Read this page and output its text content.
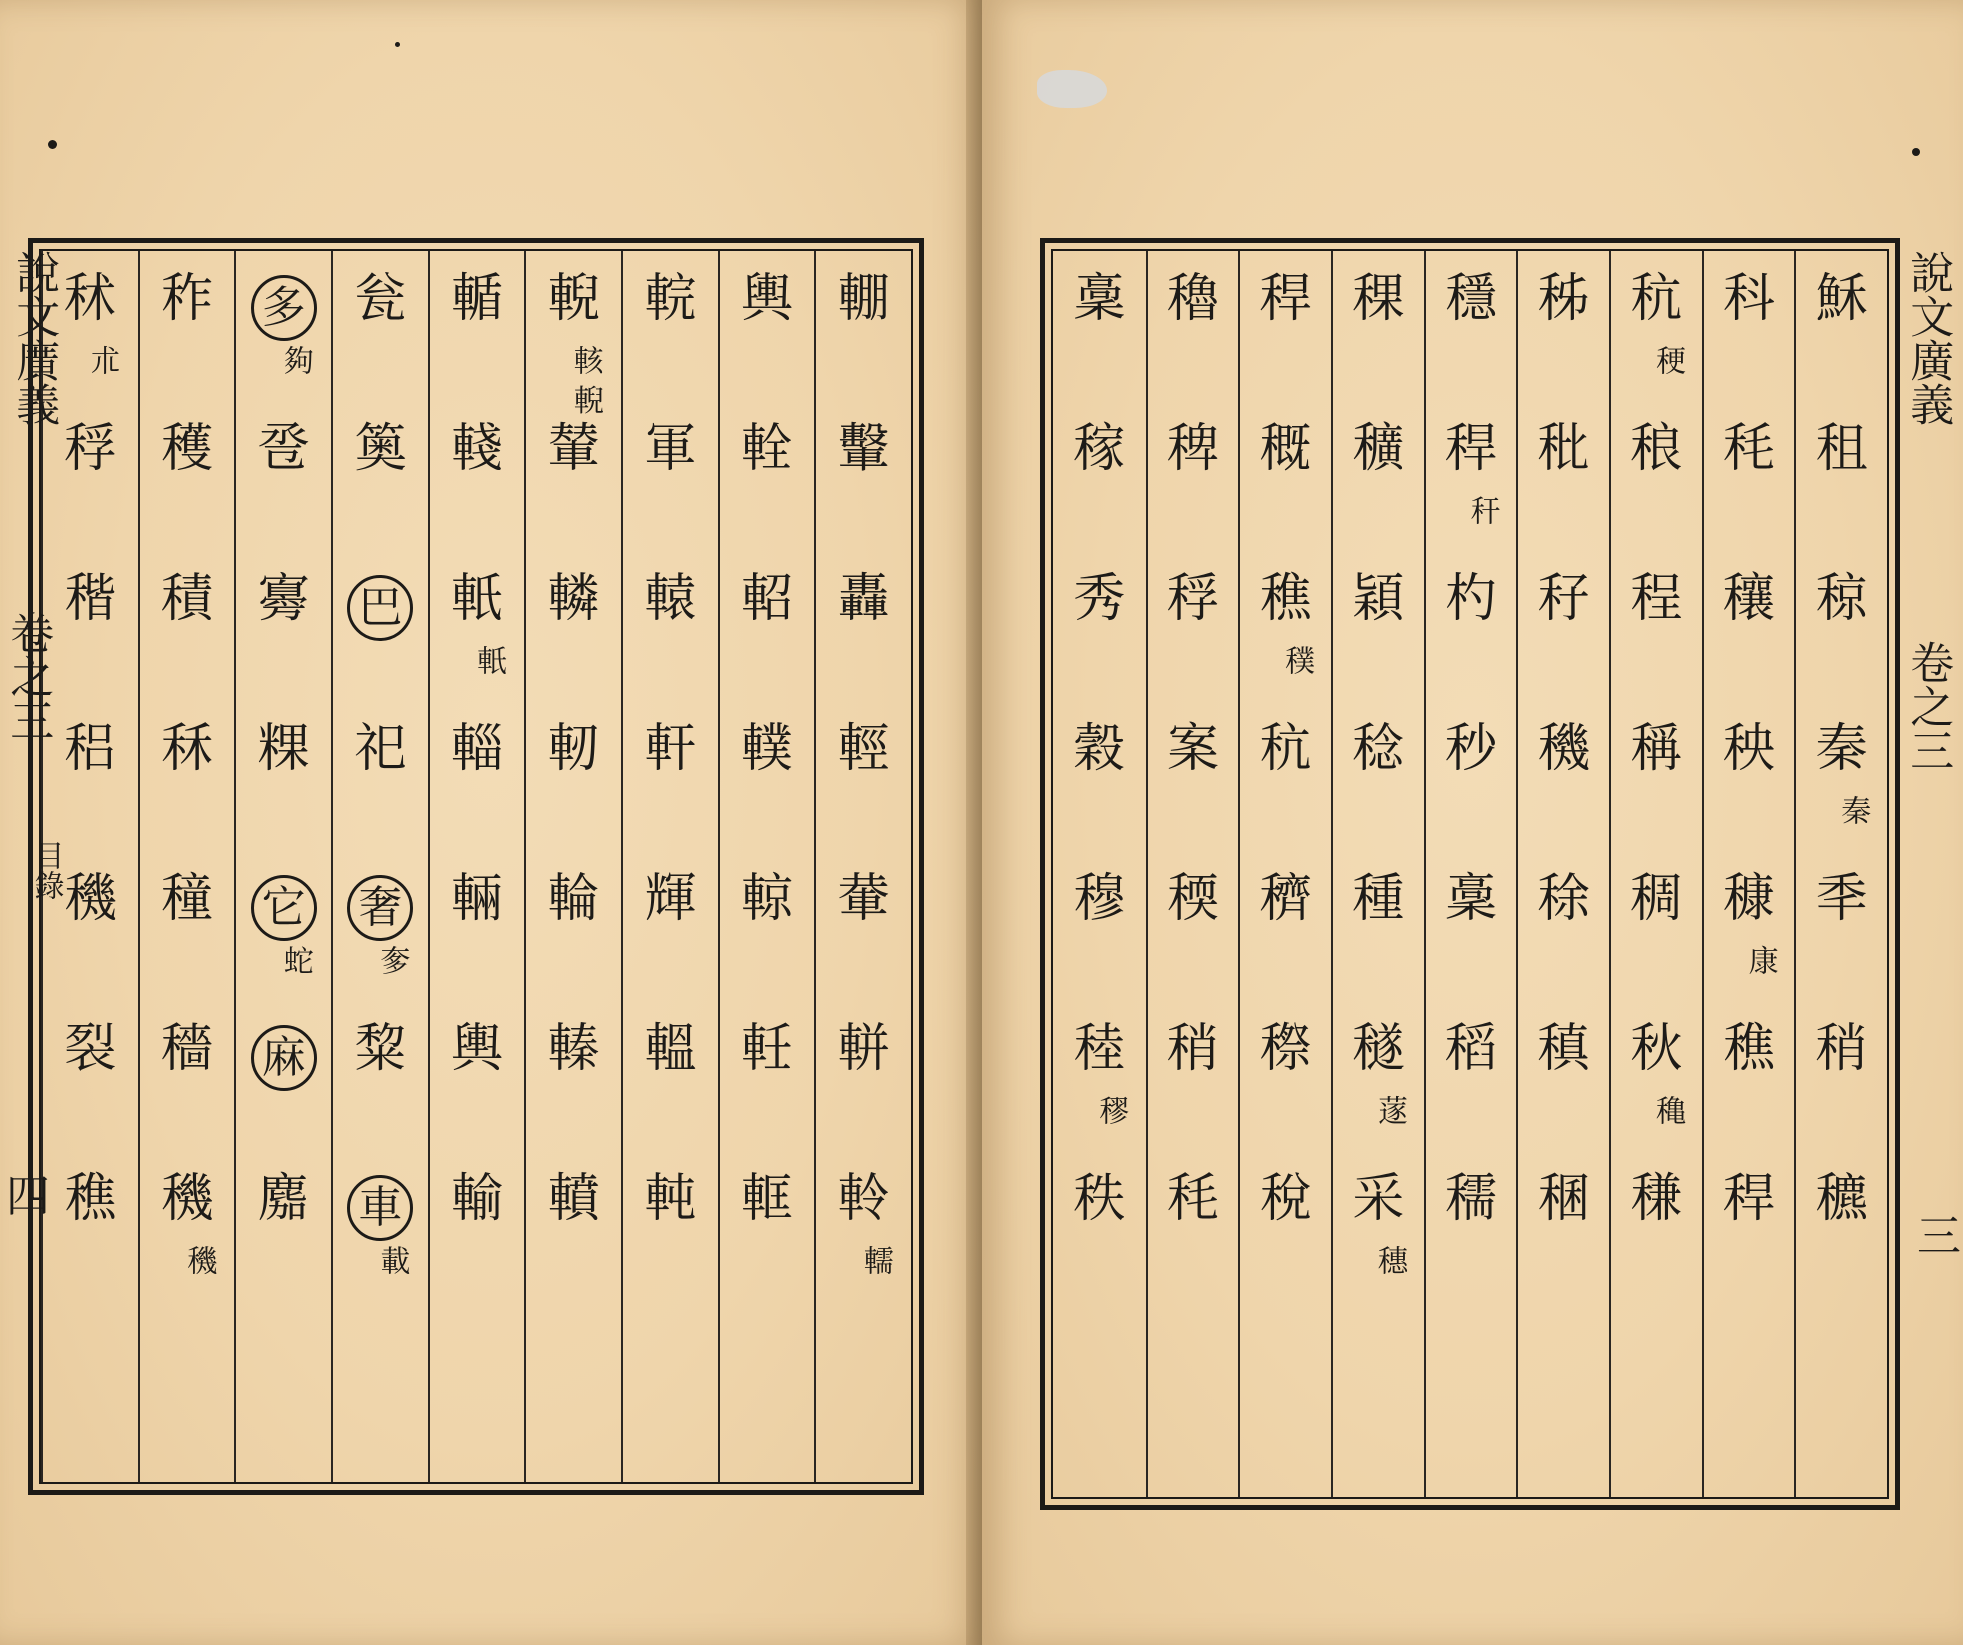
秫
朮
稃
稭
稆
穖
裂
穛
秨
穫
積
秝
穜
穡
穖
穖
多
夠
卺
㝰
粿
它
蛇
麻
䴥
瓮
䉛
巴
祀
奢
奓
䊍
車
載
輴
輚
軝
軝
輜
輛
輿
輸
輗
輆 輗
輦
轔
軔
輪
轃
轒
輐
軍
轅
軒
輝
轀
軘
輿
輇
軺
轐
輬
軠
軭
輣
轚
轟
輕
輂
軿
軨
轜
說文廣義
卷之三
目錄
四
穌
租
稤
秦
秦
秊
稍
穮
科
秏
穰
秧
穅
康
穛
稈
秔
稉
稂
程
稱
稠
秋
穐
稴
秭
秕
秄
穖
稌
稹
稛
穩
稈
秆
杓
秒
稾
稻
穤
稞
穬
穎
稔
種
穟
蓫
采
穗
稈
穊
穛
穙
秔
穧
穄
稅
穭
稗
稃
案
稬
稍
秏
稾
稼
秀
穀
穆
稑
穋
秩
說文廣義
卷之三
三
